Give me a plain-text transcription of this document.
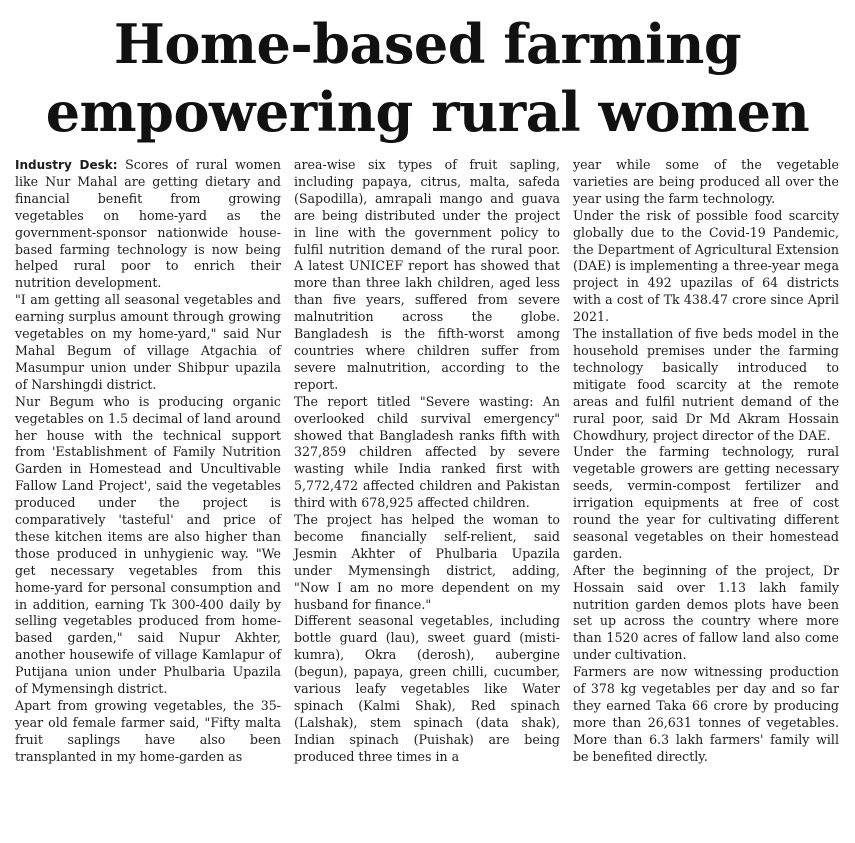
Home-based farming
empowering rural women

Industry Desk: Scores of rural women like Nur Mahal are getting dietary and financial benefit from growing vegetables on home-yard as the government-sponsor nationwide house-based farming technology is now being helped rural poor to enrich their nutrition development.

"I am getting all seasonal vegetables and earning surplus amount through growing vegetables on my home-yard," said Nur Mahal Begum of village Atgachia of Masumpur union under Shibpur upazila of Narshingdi district.

Nur Begum who is producing organic vegetables on 1.5 decimal of land around her house with the technical support from 'Establishment of Family Nutrition Garden in Homestead and Uncultivable Fallow Land Project', said the vegetables produced under the project is comparatively 'tasteful' and price of these kitchen items are also higher than those produced in unhygienic way. "We get necessary vegetables from this home-yard for personal consumption and in addition, earning Tk 300-400 daily by selling vegetables produced from home-based garden," said Nupur Akhter, another housewife of village Kamlapur of Putijana union under Phulbaria Upazila of Mymensingh district.

Apart from growing vegetables, the 35-year old female farmer said, "Fifty malta fruit saplings have also been transplanted in my home-garden as

area-wise six types of fruit sapling, including papaya, citrus, malta, safeda (Sapodilla), amrapali mango and guava are being distributed under the project in line with the government policy to fulfil nutrition demand of the rural poor. A latest UNICEF report has showed that more than three lakh children, aged less than five years, suffered from severe malnutrition across the globe. Bangladesh is the fifth-worst among countries where children suffer from severe malnutrition, according to the report.

The report titled "Severe wasting: An overlooked child survival emergency" showed that Bangladesh ranks fifth with 327,859 children affected by severe wasting while India ranked first with 5,772,472 affected children and Pakistan third with 678,925 affected children.

The project has helped the woman to become financially self-relient, said Jesmin Akhter of Phulbaria Upazila under Mymensingh district, adding, "Now I am no more dependent on my husband for finance."

Different seasonal vegetables, including bottle guard (lau), sweet guard (misti-kumra), Okra (derosh), aubergine (begun), papaya, green chilli, cucumber, various leafy vegetables like Water spinach (Kalmi Shak), Red spinach (Lalshak), stem spinach (data shak), Indian spinach (Puishak) are being produced three times in a

year while some of the vegetable varieties are being produced all over the year using the farm technology.

Under the risk of possible food scarcity globally due to the Covid-19 Pandemic, the Department of Agricultural Extension (DAE) is implementing a three-year mega project in 492 upazilas of 64 districts with a cost of Tk 438.47 crore since April 2021.

The installation of five beds model in the household premises under the farming technology basically introduced to mitigate food scarcity at the remote areas and fulfil nutrient demand of the rural poor, said Dr Md Akram Hossain Chowdhury, project director of the DAE.

Under the farming technology, rural vegetable growers are getting necessary seeds, vermin-compost fertilizer and irrigation equipments at free of cost round the year for cultivating different seasonal vegetables on their homestead garden.

After the beginning of the project, Dr Hossain said over 1.13 lakh family nutrition garden demos plots have been set up across the country where more than 1520 acres of fallow land also come under cultivation.

Farmers are now witnessing production of 378 kg vegetables per day and so far they earned Taka 66 crore by producing more than 26,631 tonnes of vegetables. More than 6.3 lakh farmers' family will be benefited directly.
